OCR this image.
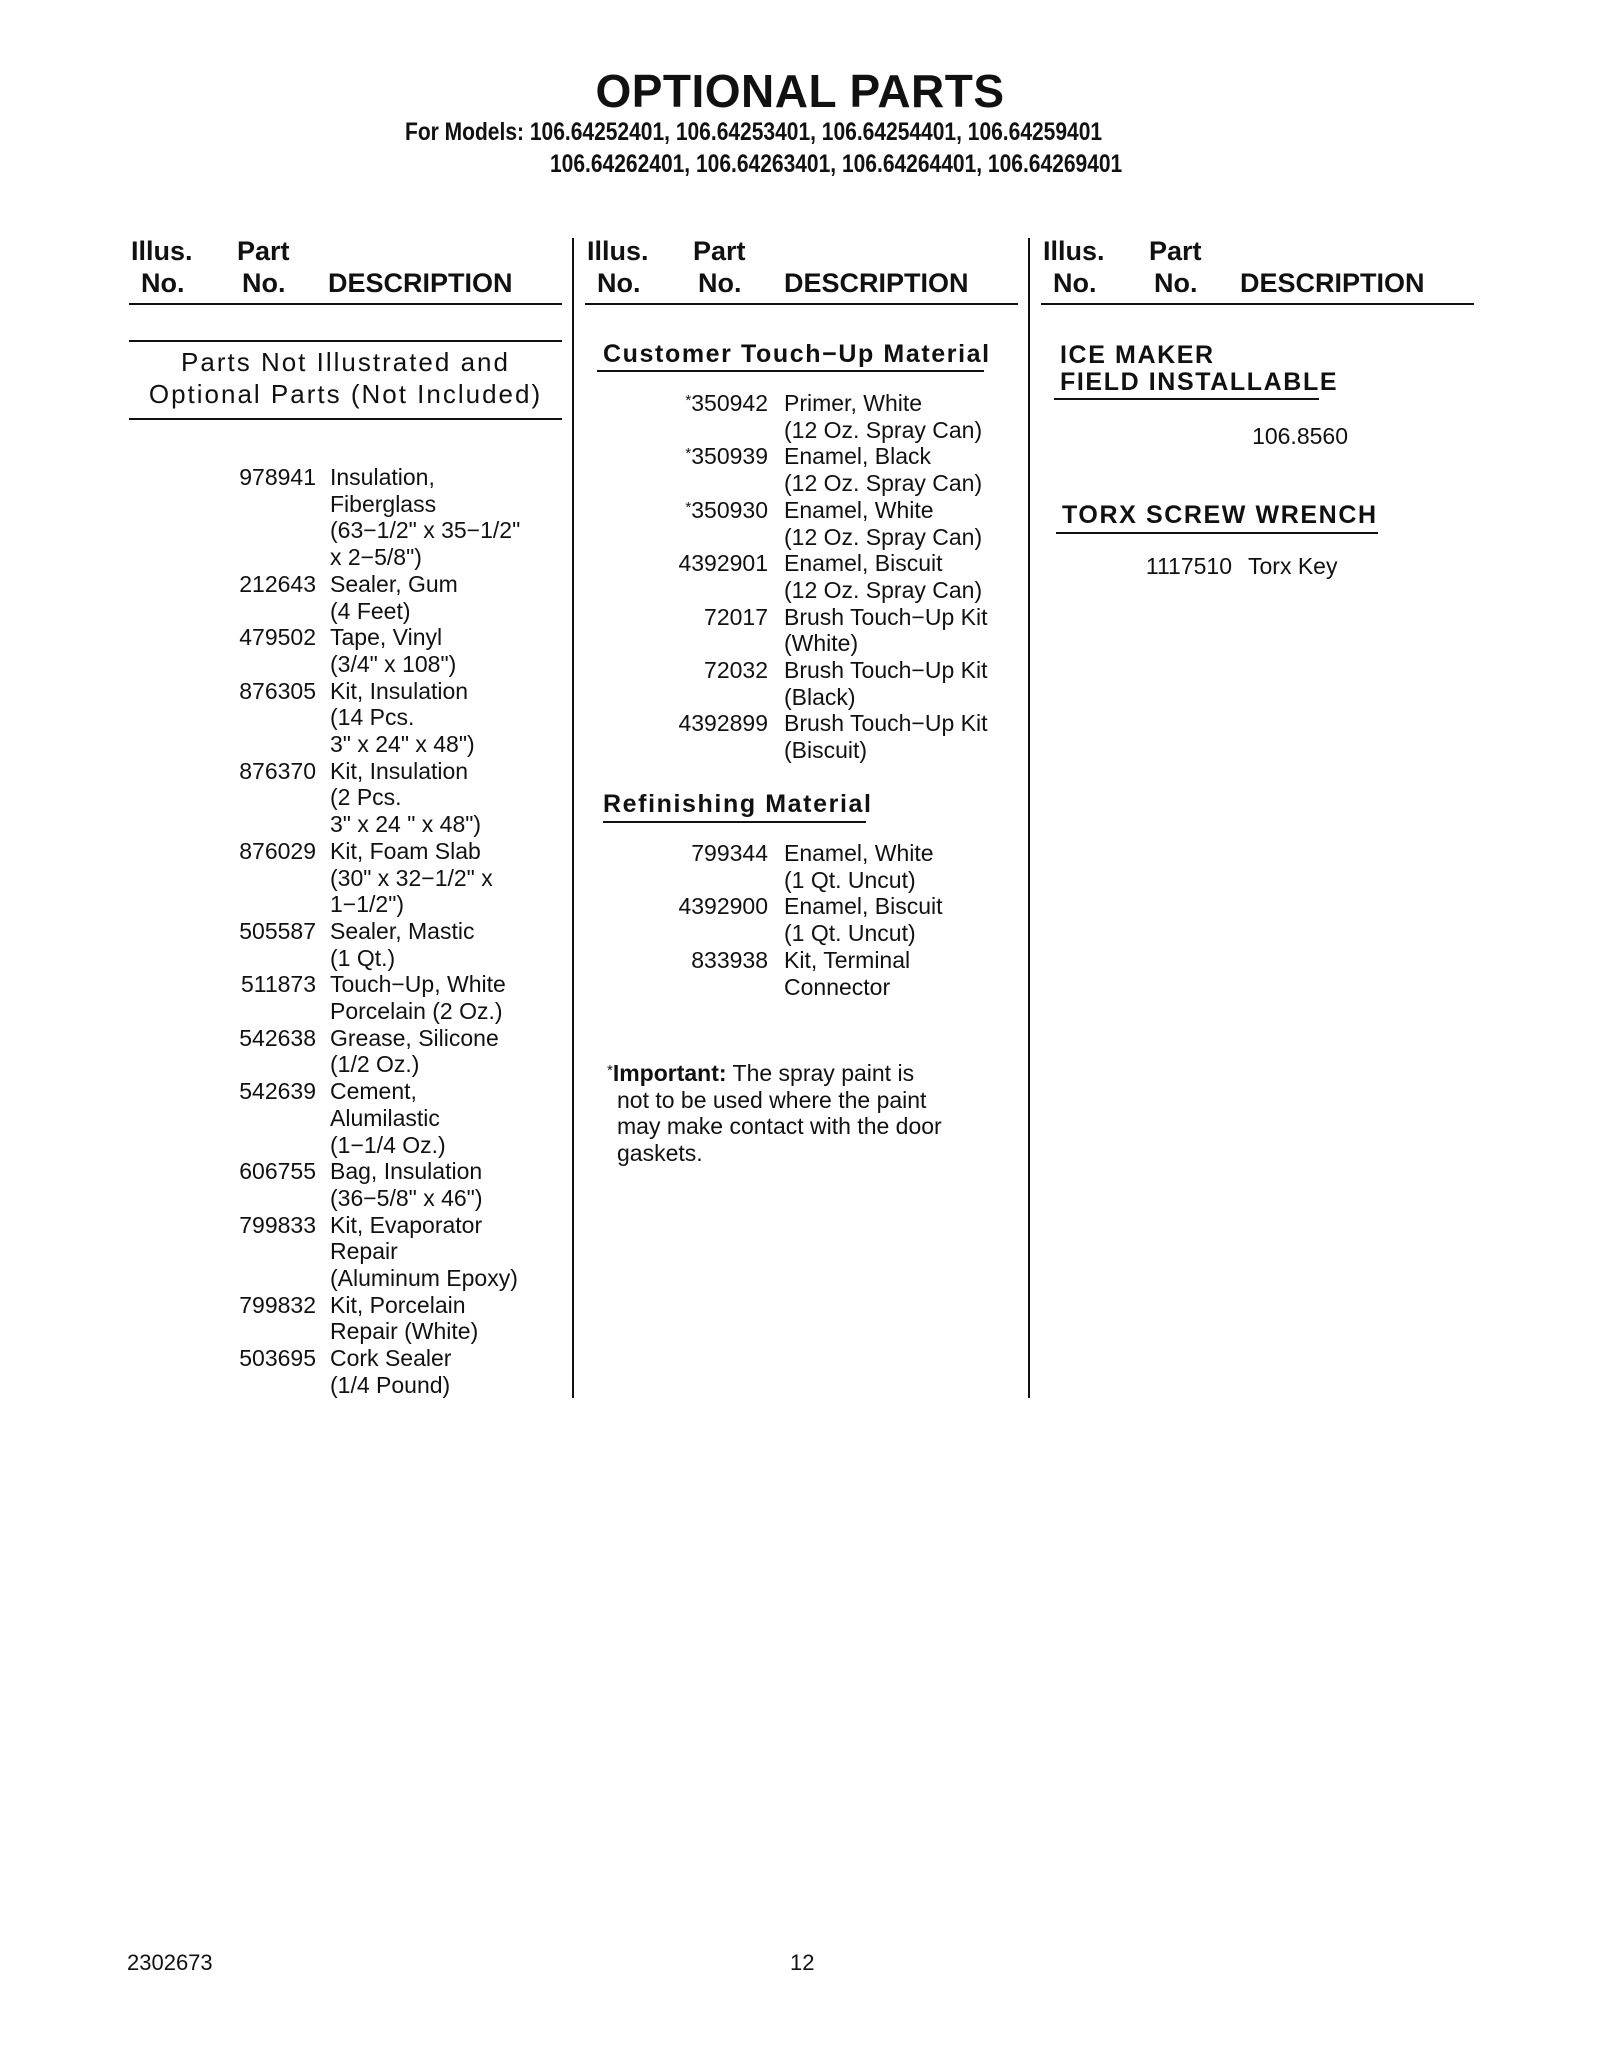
OPTIONAL PARTS
For Models: 106.64252401, 106.64253401, 106.64254401, 106.64259401
106.64262401, 106.64263401, 106.64264401, 106.64269401
Illus.
No.
Part
No. DESCRIPTION
Illus.
No.
Part
No. DESCRIPTION
Illus.
No.
Part
No. DESCRIPTION
Parts Not Illustrated and
Optional Parts (Not Included)
978941 Insulation,
Fiberglass
(63−1/2" x 35−1/2"
x 2−5/8")
212643 Sealer, Gum
(4 Feet)
479502 Tape, Vinyl
(3/4" x 108")
876305 Kit, Insulation
(14 Pcs.
3" x 24" x 48")
876370 Kit, Insulation
(2 Pcs.
3" x 24 " x 48")
876029 Kit, Foam Slab
(30" x 32−1/2" x
1−1/2")
505587 Sealer, Mastic
(1 Qt.)
511873 Touch−Up, White
Porcelain (2 Oz.)
542638 Grease, Silicone
(1/2 Oz.)
542639 Cement,
Alumilastic
(1−1/4 Oz.)
606755 Bag, Insulation
(36−5/8" x 46")
799833 Kit, Evaporator
Repair
(Aluminum Epoxy)
799832 Kit, Porcelain
Repair (White)
503695 Cork Sealer
(1/4 Pound)
Customer Touch−Up Material
*350942 Primer, White
(12 Oz. Spray Can)
*350939 Enamel, Black
(12 Oz. Spray Can)
*350930 Enamel, White
(12 Oz. Spray Can)
4392901 Enamel, Biscuit
(12 Oz. Spray Can)
72017 Brush Touch−Up Kit
(White)
72032 Brush Touch−Up Kit
(Black)
4392899 Brush Touch−Up Kit
(Biscuit)
Refinishing Material
799344 Enamel, White
(1 Qt. Uncut)
4392900 Enamel, Biscuit
(1 Qt. Uncut)
833938 Kit, Terminal
Connector
*Important: The spray paint is
not to be used where the paint
may make contact with the door
gaskets.
ICE MAKER
FIELD INSTALLABLE
106.8560
TORX SCREW WRENCH
1117510 Torx Key
2302673	12
